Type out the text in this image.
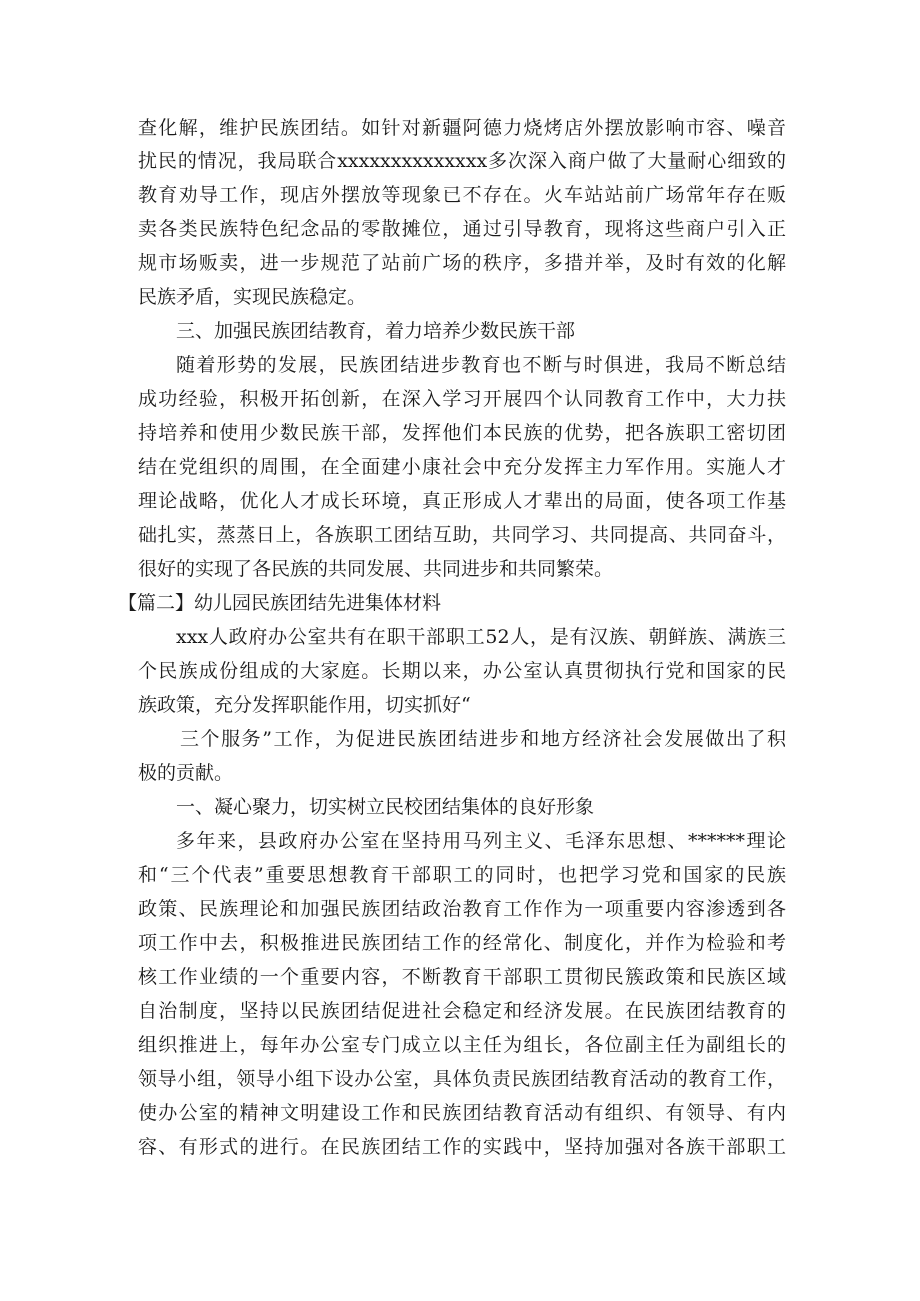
查化解，维护民族团结。如针对新疆阿德力烧烤店外摆放影响市容、噪音
扰民的情况，我局联合xxxxxxxxxxxxxx多次深入商户做了大量耐心细致的
教育劝导工作，现店外摆放等现象已不存在。火车站站前广场常年存在贩
卖各类民族特色纪念品的零散摊位，通过引导教育，现将这些商户引入正
规市场贩卖，进一步规范了站前广场的秩序，多措并举，及时有效的化解
民族矛盾，实现民族稳定。
三、加强民族团结教育，着力培养少数民族干部
随着形势的发展，民族团结进步教育也不断与时俱进，我局不断总结
成功经验，积极开拓创新，在深入学习开展四个认同教育工作中，大力扶
持培养和使用少数民族干部，发挥他们本民族的优势，把各族职工密切团
结在党组织的周围，在全面建小康社会中充分发挥主力军作用。实施人才
理论战略，优化人才成长环境，真正形成人才辈出的局面，使各项工作基
础扎实，蒸蒸日上，各族职工团结互助，共同学习、共同提高、共同奋斗，
很好的实现了各民族的共同发展、共同进步和共同繁荣。
【篇二】幼儿园民族团结先进集体材料
xxx人政府办公室共有在职干部职工52人，是有汉族、朝鲜族、满族三
个民族成份组成的大家庭。长期以来，办公室认真贯彻执行党和国家的民
族政策，充分发挥职能作用，切实抓好“
三个服务”工作，为促进民族团结进步和地方经济社会发展做出了积
极的贡献。
一、凝心聚力，切实树立民校团结集体的良好形象
多年来，县政府办公室在坚持用马列主义、毛泽东思想、******理论
和“三个代表”重要思想教育干部职工的同时，也把学习党和国家的民族
政策、民族理论和加强民族团结政治教育工作作为一项重要内容渗透到各
项工作中去，积极推进民族团结工作的经常化、制度化，并作为检验和考
核工作业绩的一个重要内容，不断教育干部职工贯彻民簇政策和民族区域
自治制度，坚持以民族团结促进社会稳定和经济发展。在民族团结教育的
组织推进上，每年办公室专门成立以主任为组长，各位副主任为副组长的
领导小组，领导小组下设办公室，具体负责民族团结教育活动的教育工作，
使办公室的精神文明建设工作和民族团结教育活动有组织、有领导、有内
容、有形式的进行。在民族团结工作的实践中，坚持加强对各族干部职工
